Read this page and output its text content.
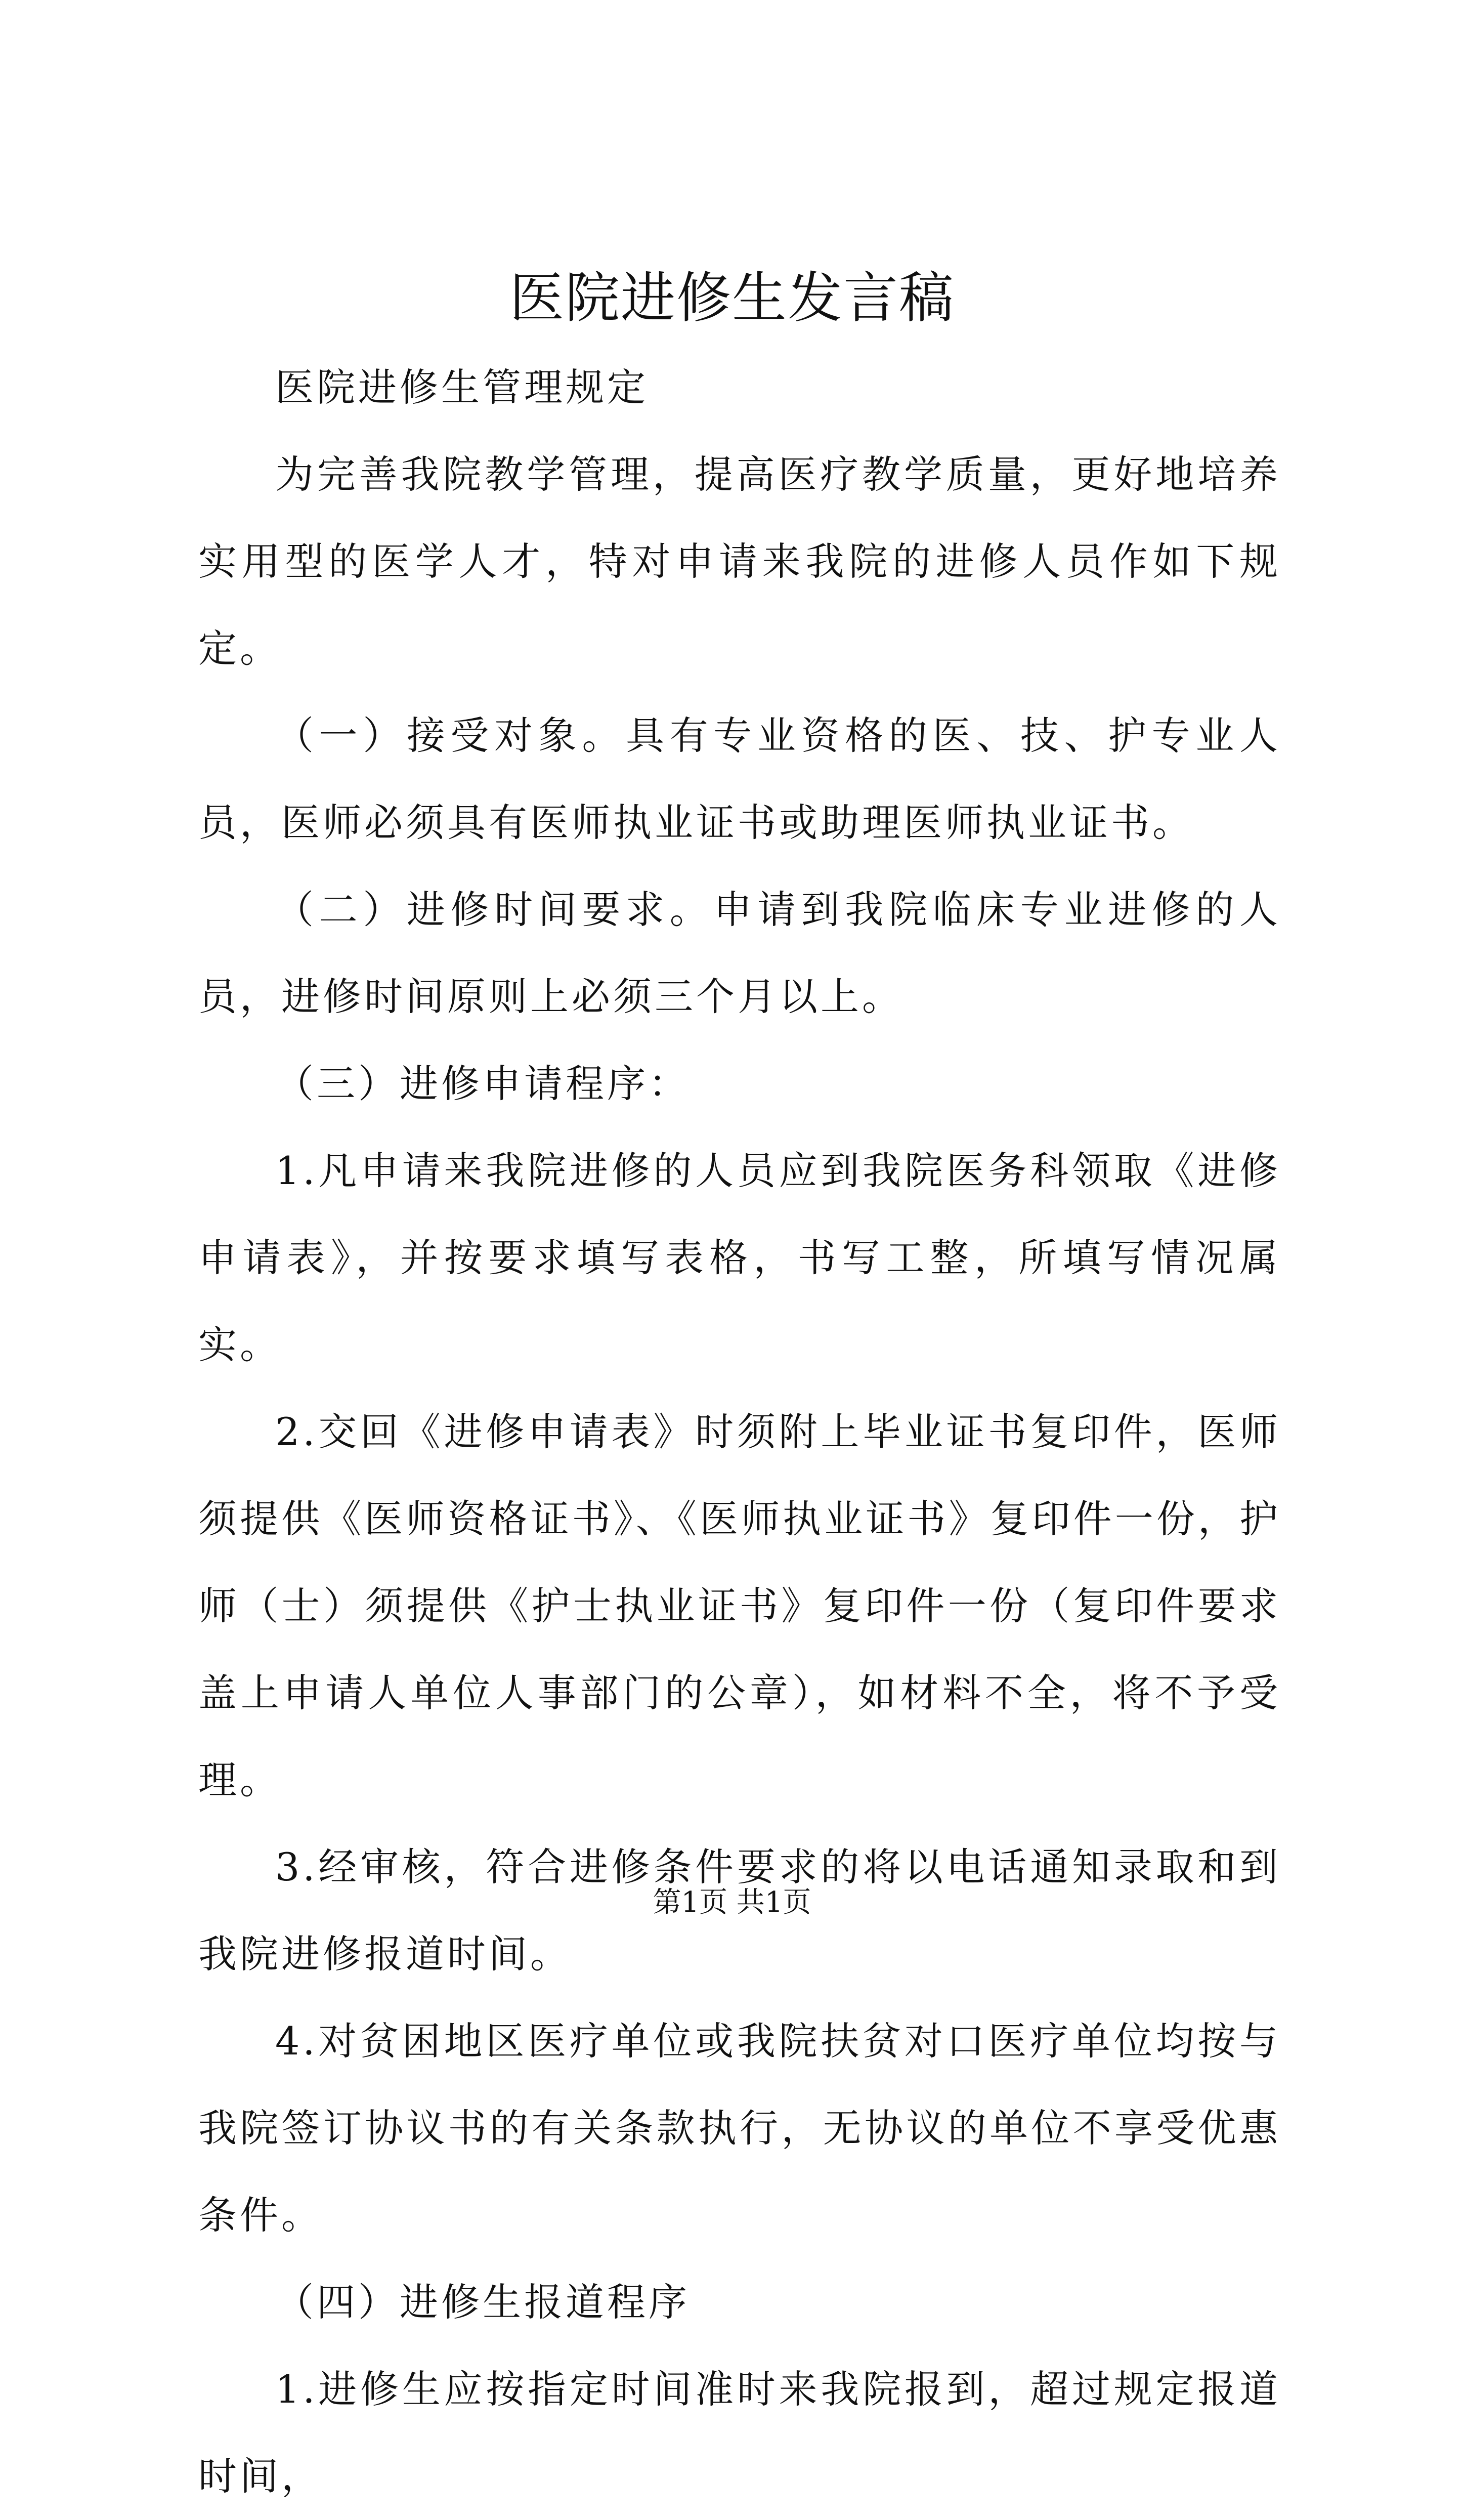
医院进修生发言稿

医院进修生管理规定

为完善我院教学管理，提高医疗教学质量，更好地培养实用型的医学人才，特对申请来我院的进修人员作如下规定。

（一）接受对象。具有专业资格的医、技、护专业人员，医师必须具有医师执业证书或助理医师执业证书。

（二）进修时间要求。申请到我院临床专业进修的人员，进修时间原则上必须三个月以上。

（三）进修申请程序：

1.凡申请来我院进修的人员应到我院医务科领取《进修申请表》，并按要求填写表格，书写工整，所填写情况属实。

2.交回《进修申请表》时须附上毕业证书复印件，医师须提供《医师资格证书》、《医师执业证书》复印件一份，护师（士）须提供《护士执业证书》复印件一份（复印件要求盖上申请人单位人事部门的公章），如材料不全，将不予受理。

3.经审核，符合进修条件要求的将以电话通知录取和到我院进修报道时间。

4.对贫困地区医疗单位或我院扶贫对口医疗单位均按与我院签订协议书的有关条款执行，无协议的单位不享受优惠条件。

（四）进修生报道程序

1.进修生应按指定时间准时来我院报到，超过规定报道时间，

第1页 共1页
